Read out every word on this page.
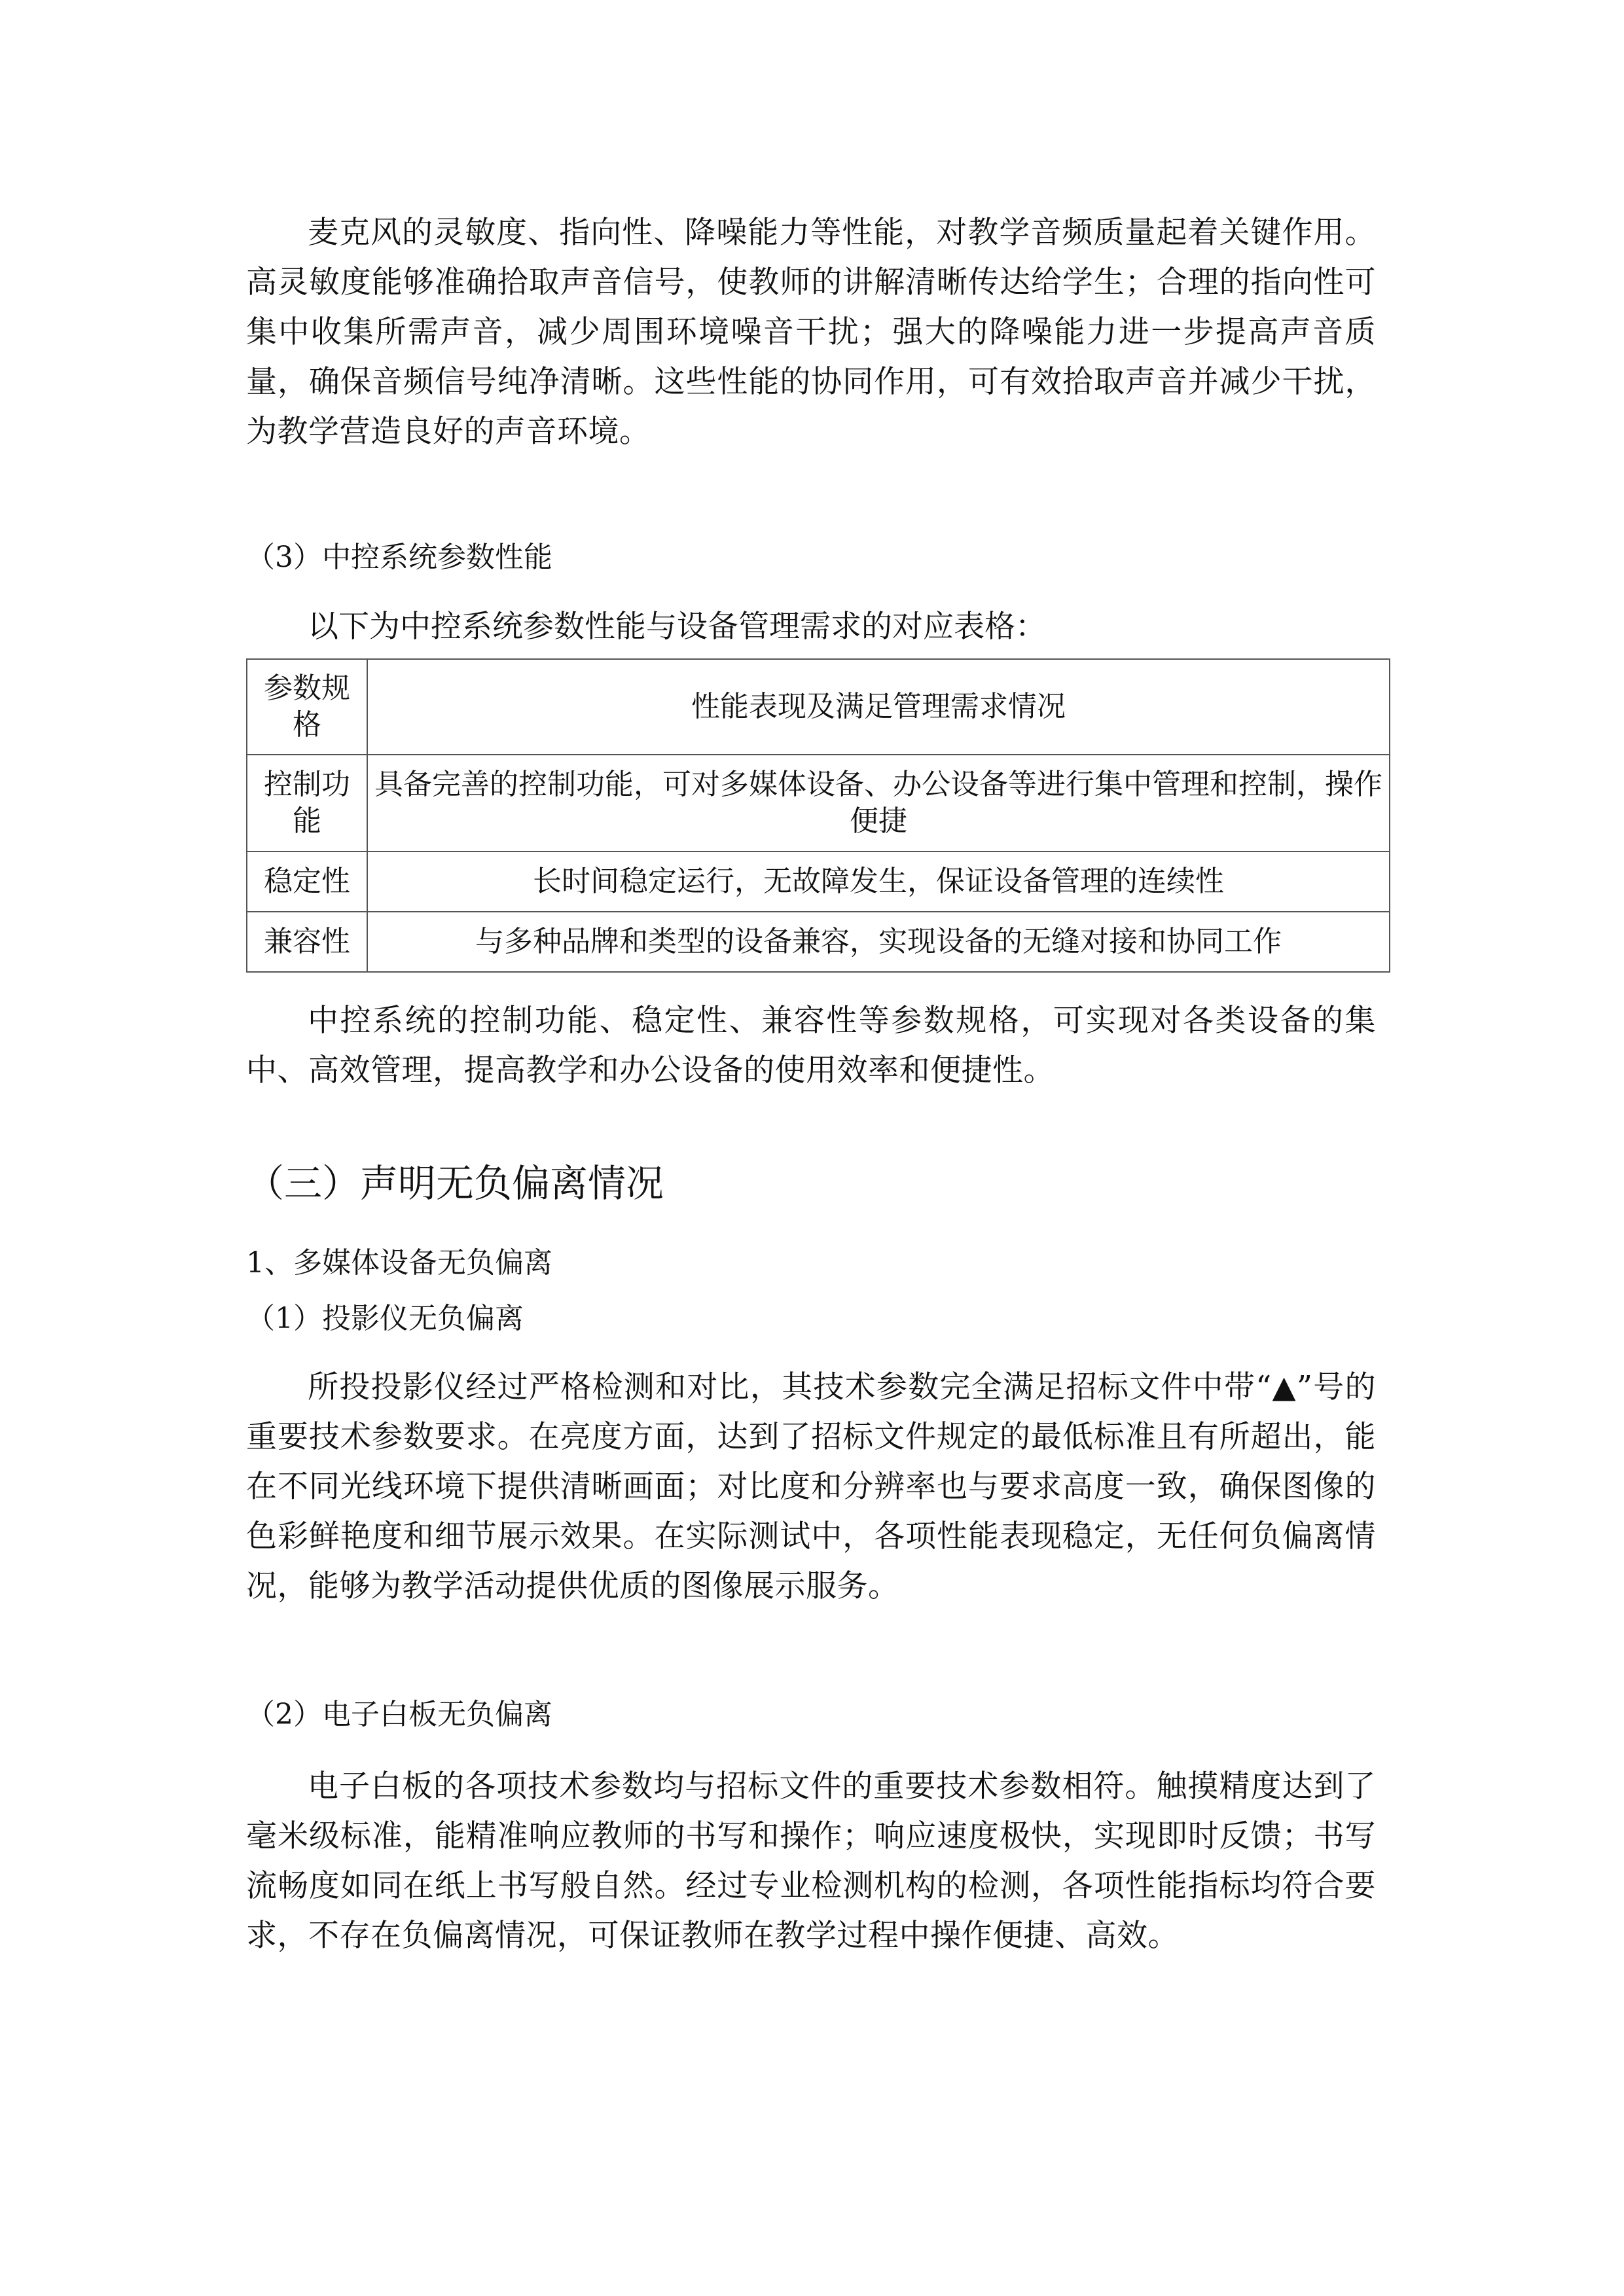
麦克风的灵敏度、指向性、降噪能力等性能，对教学音频质量起着关键作用。高灵敏度能够准确拾取声音信号，使教师的讲解清晰传达给学生；合理的指向性可集中收集所需声音，减少周围环境噪音干扰；强大的降噪能力进一步提高声音质量，确保音频信号纯净清晰。这些性能的协同作用，可有效拾取声音并减少干扰，为教学营造良好的声音环境。

（3）中控系统参数性能

以下为中控系统参数性能与设备管理需求的对应表格：

参数规格	性能表现及满足管理需求情况
控制功能	具备完善的控制功能，可对多媒体设备、办公设备等进行集中管理和控制，操作便捷
稳定性	长时间稳定运行，无故障发生，保证设备管理的连续性
兼容性	与多种品牌和类型的设备兼容，实现设备的无缝对接和协同工作

中控系统的控制功能、稳定性、兼容性等参数规格，可实现对各类设备的集中、高效管理，提高教学和办公设备的使用效率和便捷性。

（三）声明无负偏离情况

1、多媒体设备无负偏离

（1）投影仪无负偏离

所投投影仪经过严格检测和对比，其技术参数完全满足招标文件中带“▲”号的重要技术参数要求。在亮度方面，达到了招标文件规定的最低标准且有所超出，能在不同光线环境下提供清晰画面；对比度和分辨率也与要求高度一致，确保图像的色彩鲜艳度和细节展示效果。在实际测试中，各项性能表现稳定，无任何负偏离情况，能够为教学活动提供优质的图像展示服务。

（2）电子白板无负偏离

电子白板的各项技术参数均与招标文件的重要技术参数相符。触摸精度达到了毫米级标准，能精准响应教师的书写和操作；响应速度极快，实现即时反馈；书写流畅度如同在纸上书写般自然。经过专业检测机构的检测，各项性能指标均符合要求，不存在负偏离情况，可保证教师在教学过程中操作便捷、高效。
